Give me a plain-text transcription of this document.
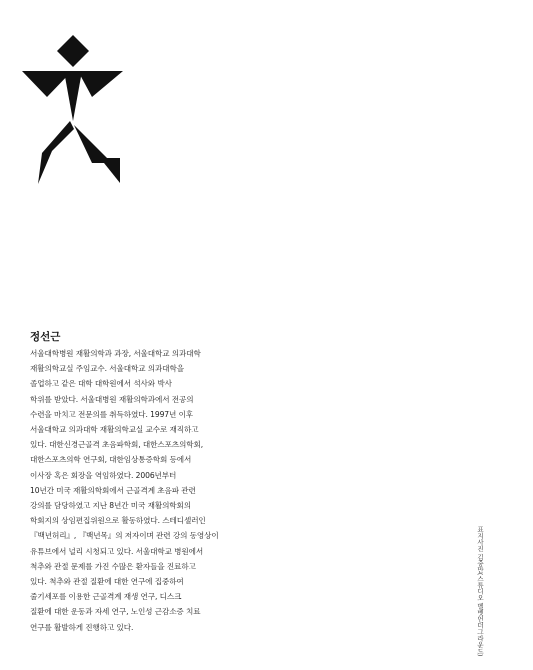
정선근
서울대학병원 재활의학과 과장, 서울대학교 의과대학
재활의학교실 주임교수. 서울대학교 의과대학을
졸업하고 같은 대학 대학원에서 석사와 박사
학위를 받았다. 서울대병원 재활의학과에서 전공의
수련을 마치고 전문의를 취득하였다. 1997년 이후
서울대학교 의과대학 재활의학교실 교수로 재직하고
있다. 대한신경근골격 초음파학회, 대한스포츠의학회,
대한스포츠의학 연구회, 대한임상통증학회 등에서
이사장 혹은 회장을 역임하였다. 2006년부터
10년간 미국 재활의학회에서 근골격계 초음파 관련
강의를 담당하였고 지난 8년간 미국 재활의학회의
학회지의 상임편집위원으로 활동하였다. 스테디셀러인
『백년허리』, 『백년목』의 저자이며 관련 강의 동영상이
유튜브에서 널리 시청되고 있다. 서울대학교 병원에서
척추와 관절 문제를 가진 수많은 환자들을 진료하고
있다. 척추와 관절 질환에 대한 연구에 집중하여
줄기세포를 이용한 근골격계 재생 연구, 디스크
질환에 대한 운동과 자세 연구, 노인성 근감소증 치료
연구를 활발하게 진행하고 있다.	표지사진 김중만(스튜디오 벨벳언더그라운드)
